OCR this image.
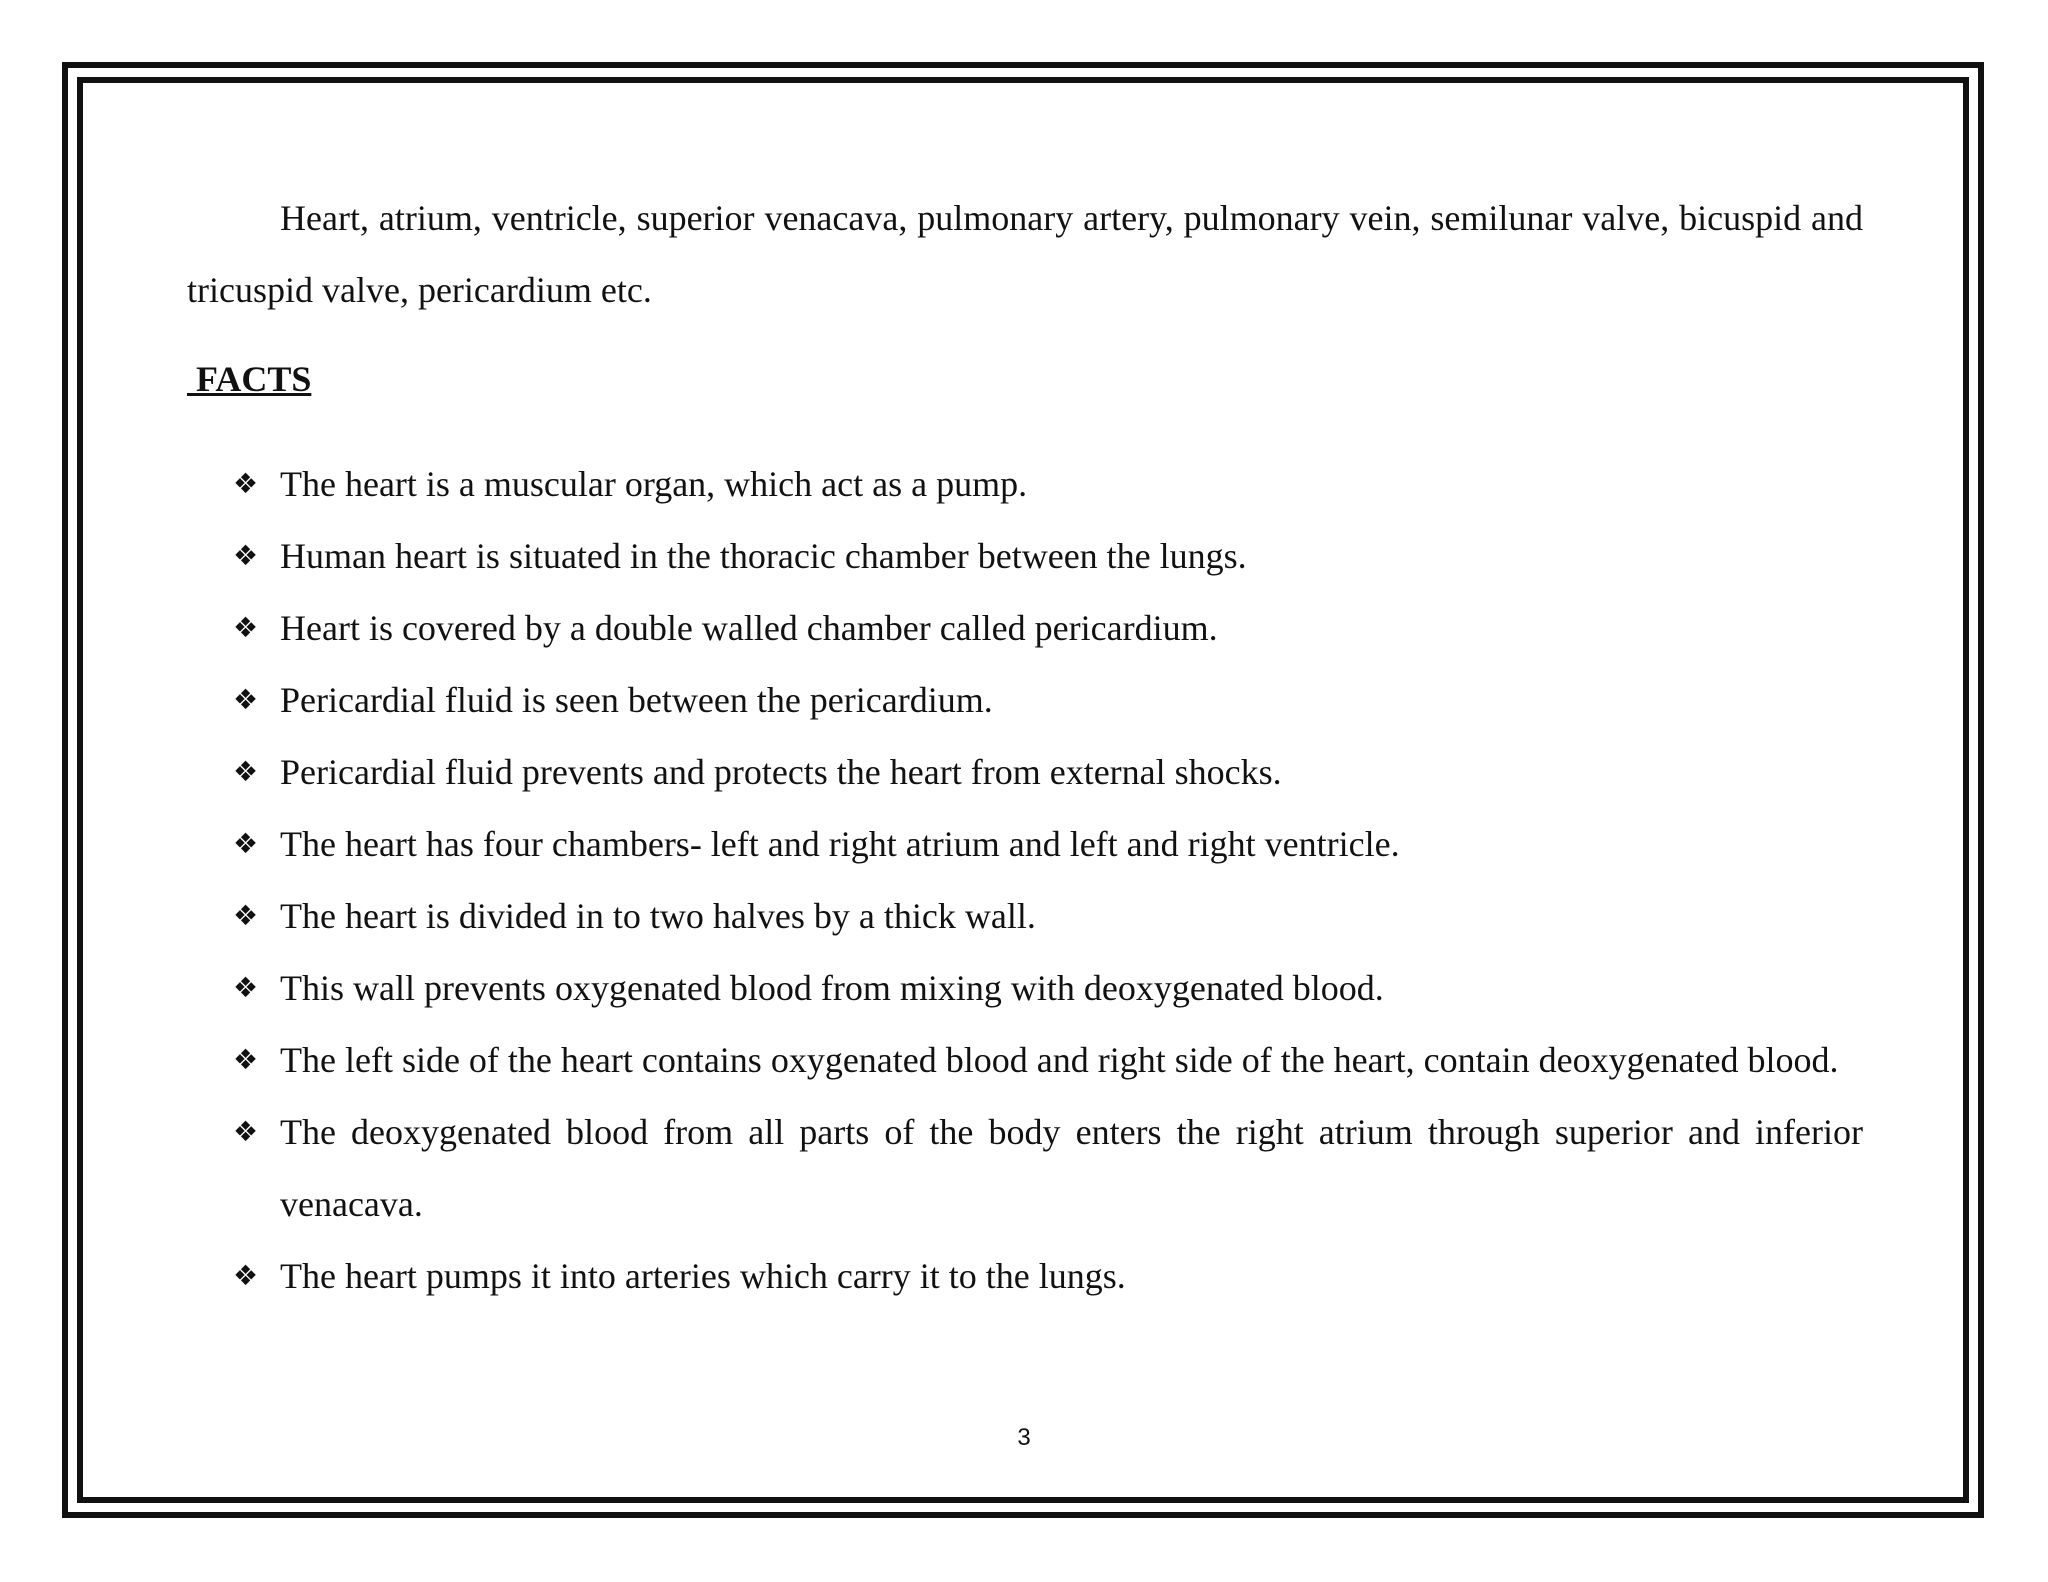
Heart, atrium, ventricle, superior venacava, pulmonary artery, pulmonary vein, semilunar valve, bicuspid and tricuspid valve, pericardium etc.

FACTS
❖ The heart is a muscular organ, which act as a pump.
❖ Human heart is situated in the thoracic chamber between the lungs.
❖ Heart is covered by a double walled chamber called pericardium.
❖ Pericardial fluid is seen between the pericardium.
❖ Pericardial fluid prevents and protects the heart from external shocks.
❖ The heart has four chambers- left and right atrium and left and right ventricle.
❖ The heart is divided in to two halves by a thick wall.
❖ This wall prevents oxygenated blood from mixing with deoxygenated blood.
❖ The left side of the heart contains oxygenated blood and right side of the heart, contain deoxygenated blood.
❖ The deoxygenated blood from all parts of the body enters the right atrium through superior and inferior venacava.
❖ The heart pumps it into arteries which carry it to the lungs.
3
